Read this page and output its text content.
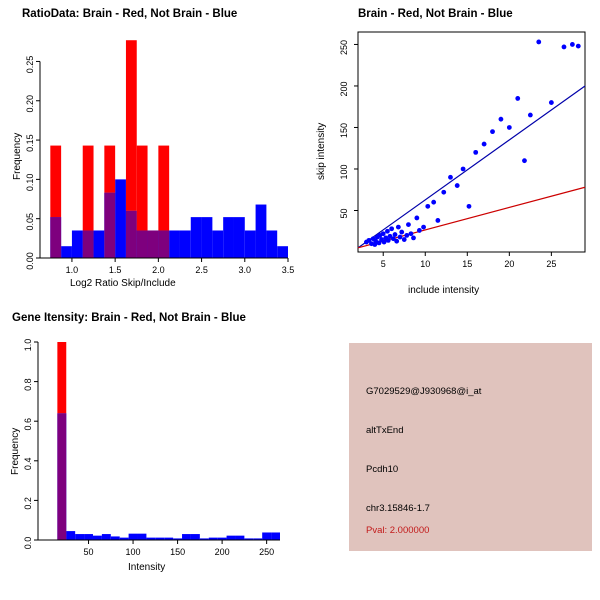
RatioData: Brain - Red, Not Brain - Blue
1.0	1.5	2.0	2.5	3.0	3.5
0.00
0.05
0.10
0.15
0.20
0.25
Log2 Ratio Skip/Include
Frequency
Brain - Red, Not Brain - Blue
5	10	15	20	25
50
100
150
200
250
include intensity
skip intensity
Gene Itensity: Brain - Red, Not Brain - Blue
50	100	150	200	250
0.0
0.2
0.4
0.6
0.8
1.0
Intensity
Frequency
G7029529@J930968@i_at
altTxEnd
Pcdh10
chr3.15846-1.7
Pval: 2.000000
